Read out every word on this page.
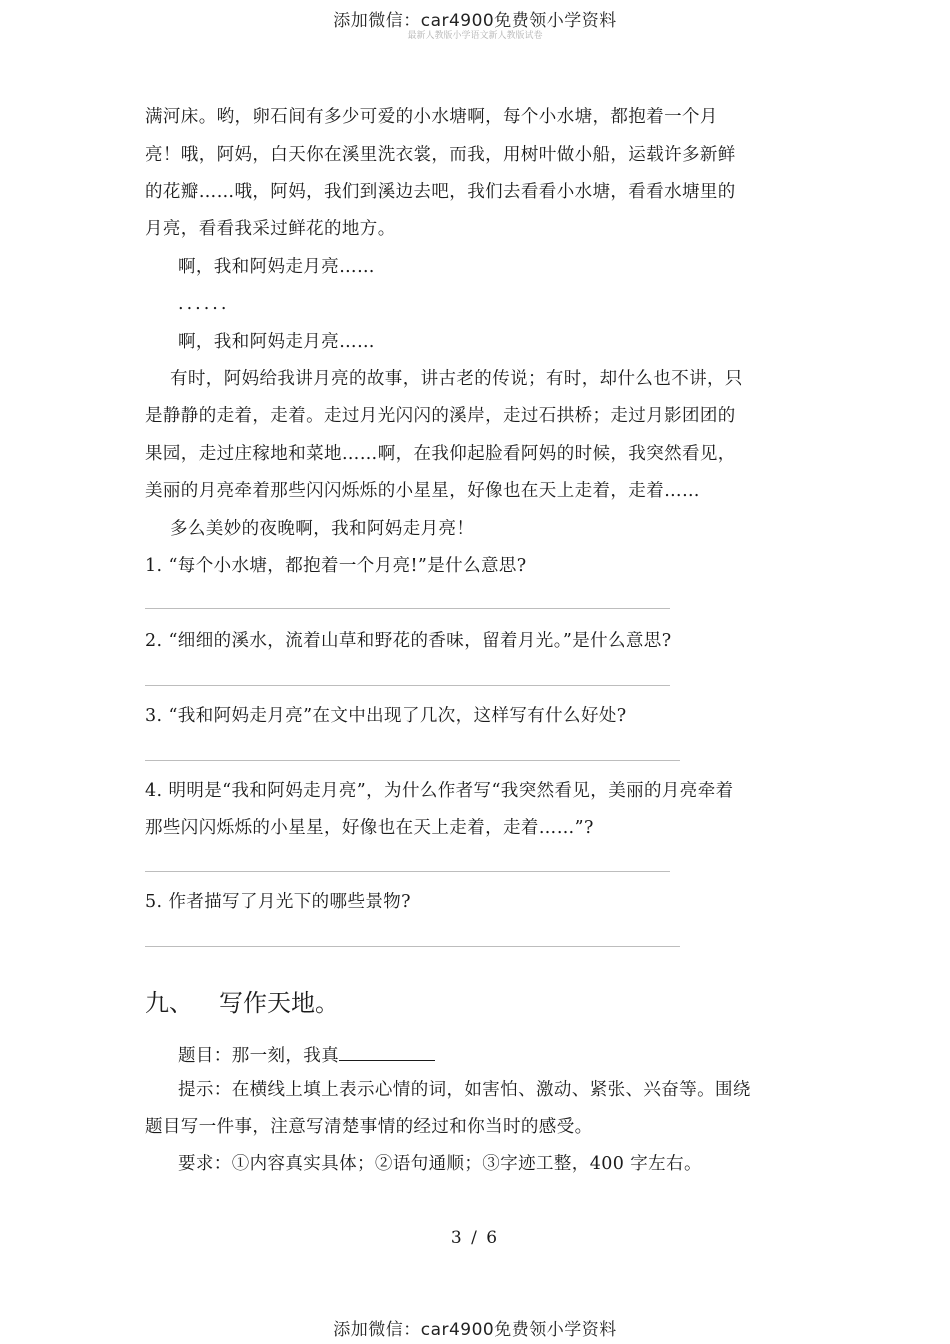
添加微信：car4900免费领小学资料
最新人教版小学语文新人教版试卷
满河床。哟，卵石间有多少可爱的小水塘啊，每个小水塘，都抱着一个月
亮！哦，阿妈，白天你在溪里洗衣裳，而我，用树叶做小船，运载许多新鲜
的花瓣……哦，阿妈，我们到溪边去吧，我们去看看小水塘，看看水塘里的
月亮，看看我采过鲜花的地方。
啊，我和阿妈走月亮……
......
啊，我和阿妈走月亮……
有时，阿妈给我讲月亮的故事，讲古老的传说；有时，却什么也不讲，只
是静静的走着，走着。走过月光闪闪的溪岸，走过石拱桥；走过月影团团的
果园，走过庄稼地和菜地……啊，在我仰起脸看阿妈的时候，我突然看见，
美丽的月亮牵着那些闪闪烁烁的小星星，好像也在天上走着，走着……
多么美妙的夜晚啊，我和阿妈走月亮！
1. “每个小水塘，都抱着一个月亮!”是什么意思?
2. “细细的溪水，流着山草和野花的香味，留着月光。”是什么意思?
3. “我和阿妈走月亮”在文中出现了几次，这样写有什么好处?
4. 明明是“我和阿妈走月亮”，为什么作者写“我突然看见，美丽的月亮牵着
那些闪闪烁烁的小星星，好像也在天上走着，走着……”?
5. 作者描写了月光下的哪些景物?
九、 写作天地。
题目：那一刻，我真
提示：在横线上填上表示心情的词，如害怕、激动、紧张、兴奋等。围绕
题目写一件事，注意写清楚事情的经过和你当时的感受。
要求：①内容真实具体；②语句通顺；③字迹工整，400 字左右。
3 / 6
添加微信：car4900免费领小学资料
